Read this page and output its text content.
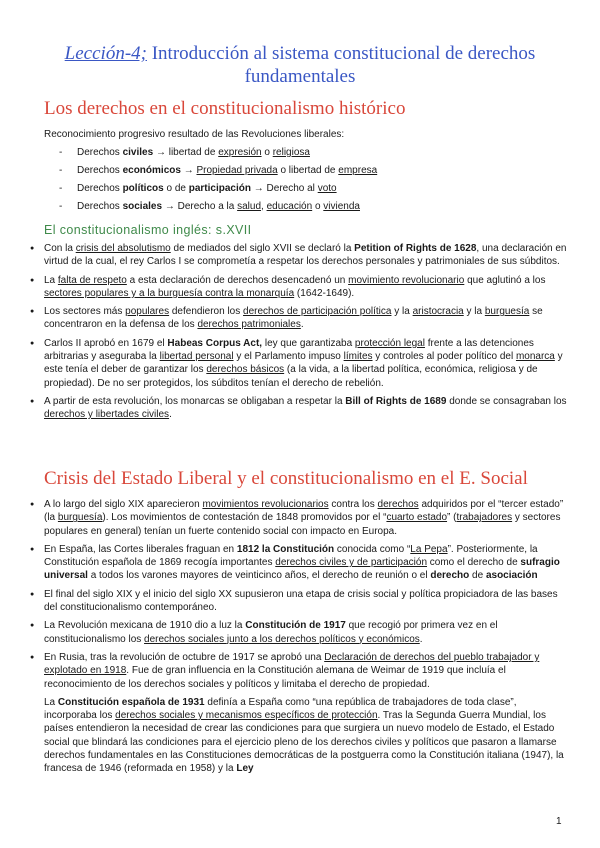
Lección-4; Introducción al sistema constitucional de derechos fundamentales
Los derechos en el constitucionalismo histórico
Reconocimiento progresivo resultado de las Revoluciones liberales:
- Derechos civiles → libertad de expresión o religiosa
- Derechos económicos → Propiedad privada o libertad de empresa
- Derechos políticos o de participación → Derecho al voto
- Derechos sociales → Derecho a la salud, educación o vivienda
El constitucionalismo inglés: s.XVII
● Con la crisis del absolutismo de mediados del siglo XVII se declaró la Petition of Rights de 1628, una declaración en virtud de la cual, el rey Carlos I se comprometía a respetar los derechos personales y patrimoniales de sus súbditos.
● La falta de respeto a esta declaración de derechos desencadenó un movimiento revolucionario que aglutinó a los sectores populares y a la burguesía contra la monarquía (1642-1649).
● Los sectores más populares defendieron los derechos de participación política y la aristocracia y la burguesía se concentraron en la defensa de los derechos patrimoniales.
● Carlos II aprobó en 1679 el Habeas Corpus Act, ley que garantizaba protección legal frente a las detenciones arbitrarias y aseguraba la libertad personal y el Parlamento impuso límites y controles al poder político del monarca y este tenía el deber de garantizar los derechos básicos (a la vida, a la libertad política, económica, religiosa y de propiedad). De no ser protegidos, los súbditos tenían el derecho de rebelión.
● A partir de esta revolución, los monarcas se obligaban a respetar la Bill of Rights de 1689 donde se consagraban los derechos y libertades civiles.
Crisis del Estado Liberal y el constitucionalismo en el E. Social
● A lo largo del siglo XIX aparecieron movimientos revolucionarios contra los derechos adquiridos por el “tercer estado” (la burguesía). Los movimientos de contestación de 1848 promovidos por el “cuarto estado” (trabajadores y sectores populares en general) tenían un fuerte contenido social con impacto en Europa.
● En España, las Cortes liberales fraguan en 1812 la Constitución conocida como “La Pepa”. Posteriormente, la Constitución española de 1869 recogía importantes derechos civiles y de participación como el derecho de sufragio universal a todos los varones mayores de veinticinco años, el derecho de reunión o el derecho de asociación
● El final del siglo XIX y el inicio del siglo XX supusieron una etapa de crisis social y política propiciadora de las bases del constitucionalismo contemporáneo.
● La Revolución mexicana de 1910 dio a luz la Constitución de 1917 que recogió por primera vez en el constitucionalismo los derechos sociales junto a los derechos políticos y económicos.
● En Rusia, tras la revolución de octubre de 1917 se aprobó una Declaración de derechos del pueblo trabajador y explotado en 1918. Fue de gran influencia en la Constitución alemana de Weimar de 1919 que incluía el reconocimiento de los derechos sociales y políticos y limitaba el derecho de propiedad.
La Constitución española de 1931 definía a España como “una república de trabajadores de toda clase”, incorporaba los derechos sociales y mecanismos específicos de protección. Tras la Segunda Guerra Mundial, los países entendieron la necesidad de crear las condiciones para que surgiera un nuevo modelo de Estado, el Estado social que blindará las condiciones para el ejercicio pleno de los derechos civiles y políticos que pasaron a llamarse derechos fundamentales en las Constituciones democráticas de la postguerra como la Constitución italiana (1947), la francesa de 1946 (reformada en 1958) y la Ley
1
